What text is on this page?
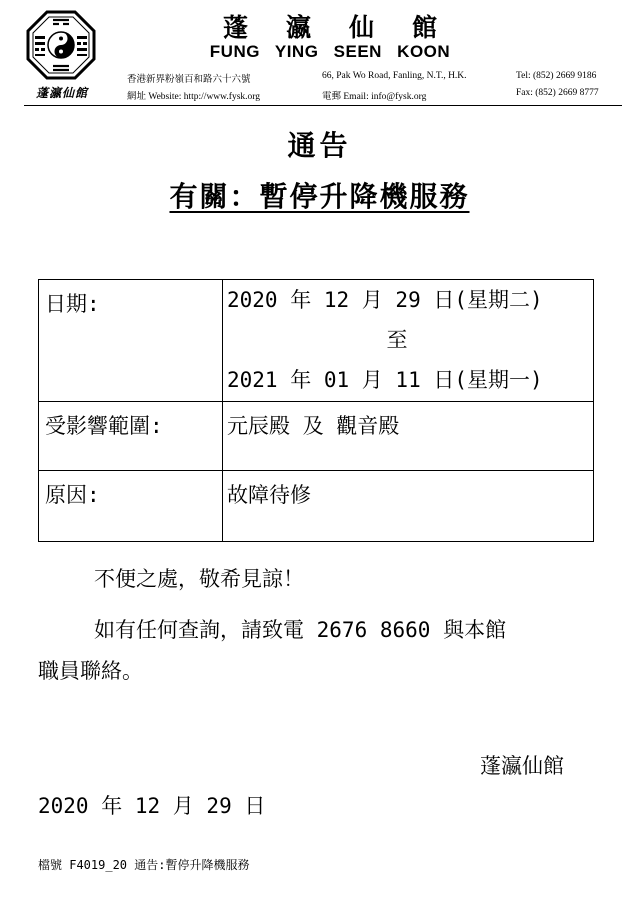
蓬瀛仙館
蓬瀛仙館
FUNG YING SEEN KOON
香港新界粉嶺百和路六十六號
網址 Website: http://www.fysk.org
66, Pak Wo Road, Fanling, N.T., H.K.
電郵 Email: info@fysk.org
Tel: (852) 2669 9186
Fax: (852) 2669 8777
通告
有關：暫停升降機服務
日期:	2020 年 12 月 29 日(星期二)
至
2021 年 01 月 11 日(星期一)

受影響範圍:	元辰殿 及 觀音殿

原因:	故障待修
不便之處，敬希見諒！
如有任何查詢，請致電 2676 8660 與本館
職員聯絡。
蓬瀛仙館
2020 年 12 月 29 日
檔號 F4019_20 通告:暫停升降機服務
